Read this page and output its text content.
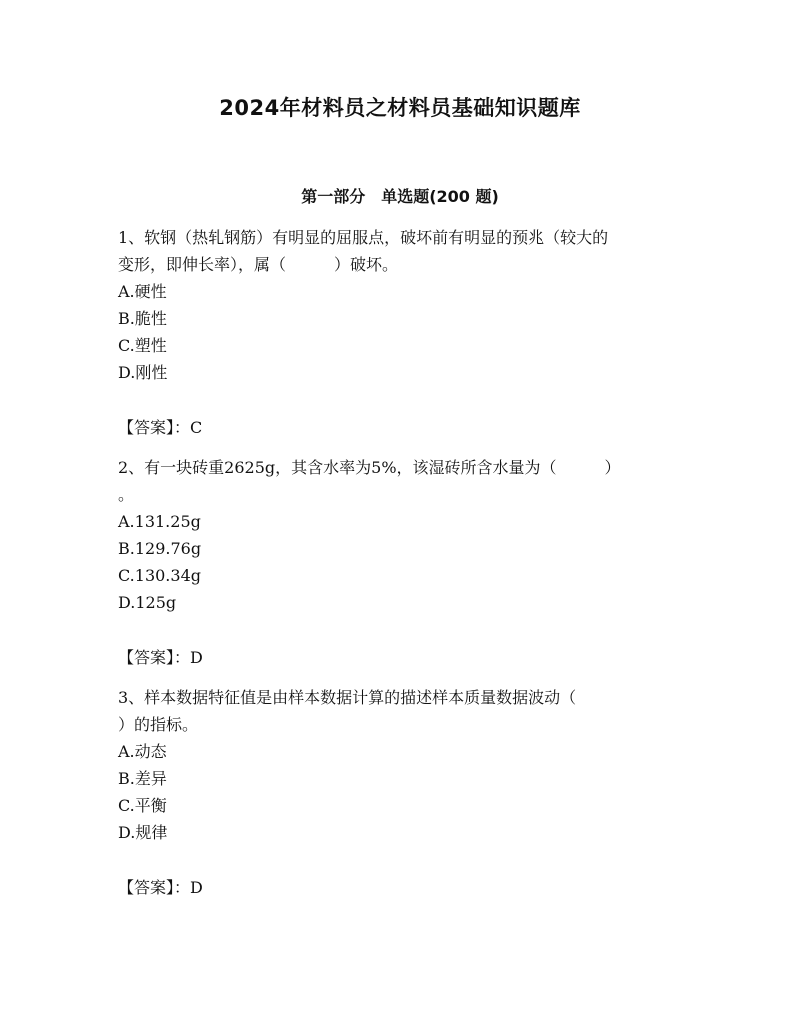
2024年材料员之材料员基础知识题库
第一部分　单选题(200 题)
1、软钢（热轧钢筋）有明显的屈服点，破坏前有明显的预兆（较大的
变形，即伸长率），属（　　　）破坏。
A.硬性
B.脆性
C.塑性
D.刚性
【答案】：C
2、有一块砖重2625g，其含水率为5%，该湿砖所含水量为（　　　）
。
A.131.25g
B.129.76g
C.130.34g
D.125g
【答案】：D
3、样本数据特征值是由样本数据计算的描述样本质量数据波动（
）的指标。
A.动态
B.差异
C.平衡
D.规律
【答案】：D
